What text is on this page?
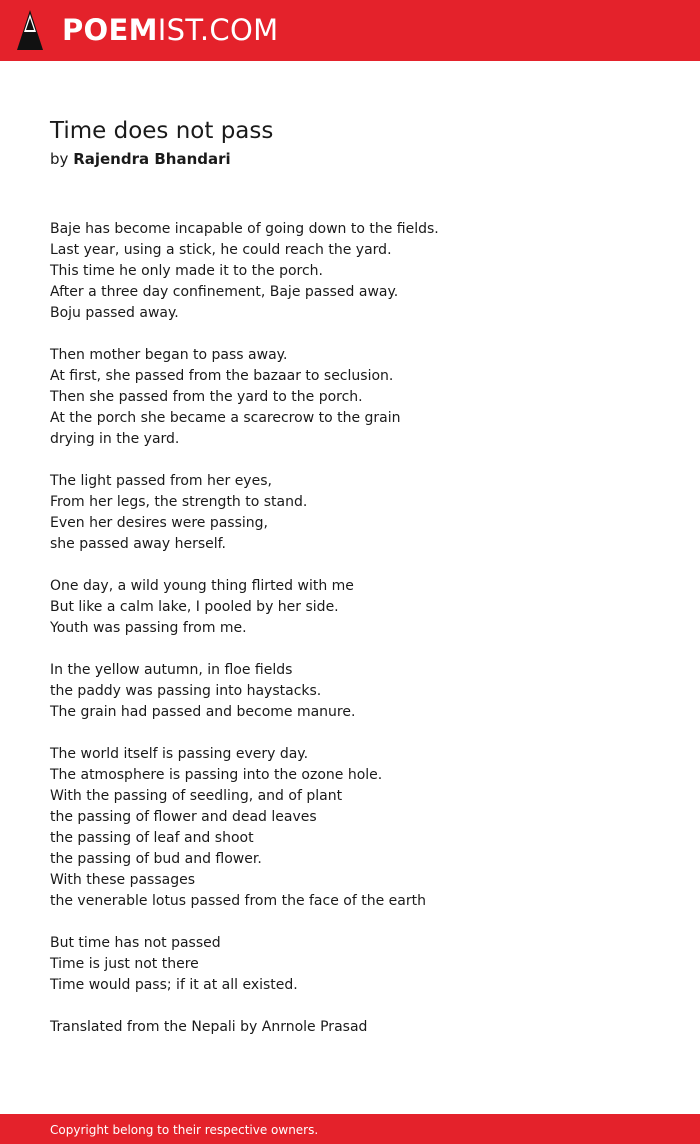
POEMIST.COM
Time does not pass
by Rajendra Bhandari
Baje has become incapable of going down to the fields.
Last year, using a stick, he could reach the yard.
This time he only made it to the porch.
After a three day confinement, Baje passed away.
Boju passed away.
Then mother began to pass away.
At first, she passed from the bazaar to seclusion.
Then she passed from the yard to the porch.
At the porch she became a scarecrow to the grain
drying in the yard.
The light passed from her eyes,
From her legs, the strength to stand.
Even her desires were passing,
she passed away herself.
One day, a wild young thing flirted with me
But like a calm lake, I pooled by her side.
Youth was passing from me.
In the yellow autumn, in floe fields
the paddy was passing into haystacks.
The grain had passed and become manure.
The world itself is passing every day.
The atmosphere is passing into the ozone hole.
With the passing of seedling, and of plant
the passing of flower and dead leaves
the passing of leaf and shoot
the passing of bud and flower.
With these passages
the venerable lotus passed from the face of the earth
But time has not passed
Time is just not there
Time would pass; if it at all existed.
Translated from the Nepali by Anrnole Prasad
Copyright belong to their respective owners.
